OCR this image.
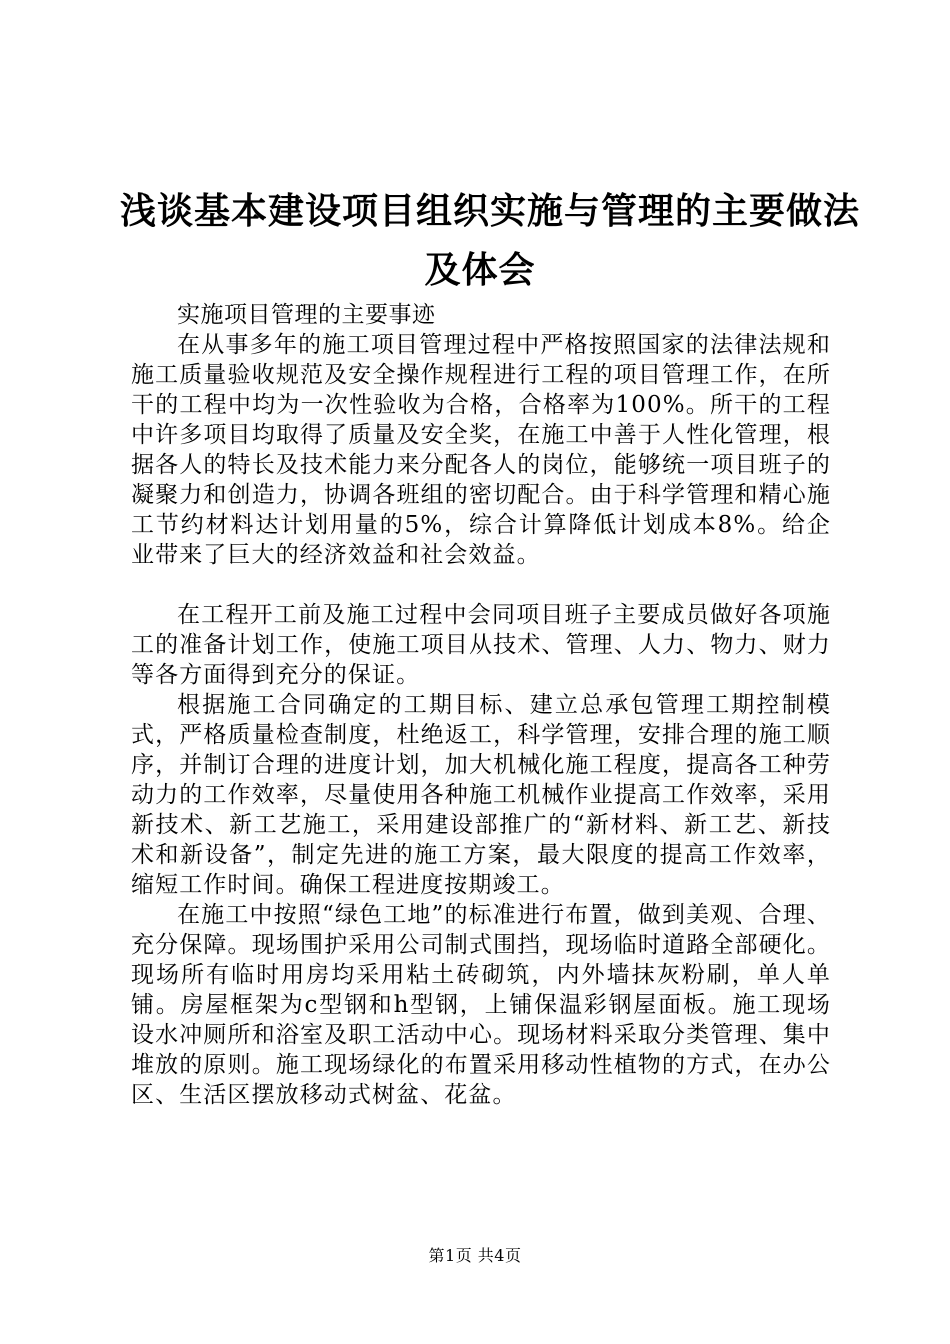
浅谈基本建设项目组织实施与管理的主要做法
及体会

实施项目管理的主要事迹

在从事多年的施工项目管理过程中严格按照国家的法律法规和施工质量验收规范及安全操作规程进行工程的项目管理工作，在所干的工程中均为一次性验收为合格，合格率为100%。所干的工程中许多项目均取得了质量及安全奖，在施工中善于人性化管理，根据各人的特长及技术能力来分配各人的岗位，能够统一项目班子的凝聚力和创造力，协调各班组的密切配合。由于科学管理和精心施工节约材料达计划用量的5%，综合计算降低计划成本8%。给企业带来了巨大的经济效益和社会效益。

在工程开工前及施工过程中会同项目班子主要成员做好各项施工的准备计划工作，使施工项目从技术、管理、人力、物力、财力等各方面得到充分的保证。

根据施工合同确定的工期目标、建立总承包管理工期控制模式，严格质量检查制度，杜绝返工，科学管理，安排合理的施工顺序，并制订合理的进度计划，加大机械化施工程度，提高各工种劳动力的工作效率，尽量使用各种施工机械作业提高工作效率，采用新技术、新工艺施工，采用建设部推广的“新材料、新工艺、新技术和新设备”，制定先进的施工方案，最大限度的提高工作效率，缩短工作时间。确保工程进度按期竣工。

在施工中按照“绿色工地”的标准进行布置，做到美观、合理、充分保障。现场围护采用公司制式围挡，现场临时道路全部硬化。现场所有临时用房均采用粘土砖砌筑，内外墙抹灰粉刷，单人单铺。房屋框架为c型钢和h型钢，上铺保温彩钢屋面板。施工现场设水冲厕所和浴室及职工活动中心。现场材料采取分类管理、集中堆放的原则。施工现场绿化的布置采用移动性植物的方式，在办公区、生活区摆放移动式树盆、花盆。

第1页 共4页
